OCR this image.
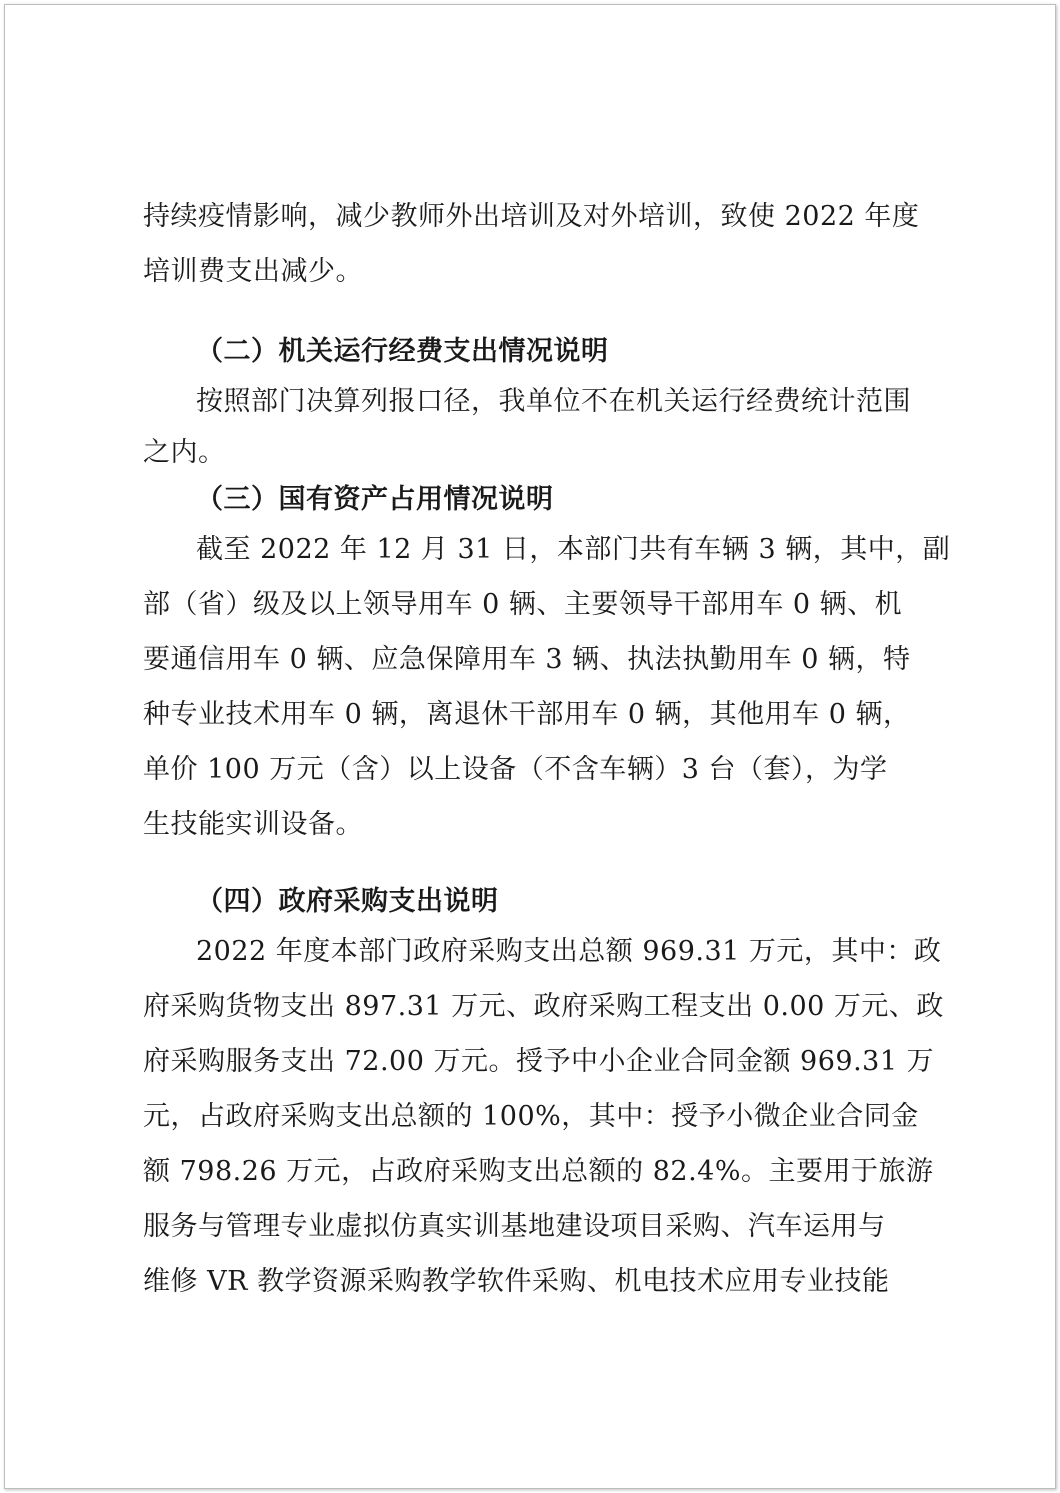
持续疫情影响，减少教师外出培训及对外培训，致使 2022 年度
培训费支出减少。
（二）机关运行经费支出情况说明
按照部门决算列报口径，我单位不在机关运行经费统计范围
之内。
（三）国有资产占用情况说明
截至 2022 年 12 月 31 日，本部门共有车辆 3 辆，其中，副
部（省）级及以上领导用车 0 辆、主要领导干部用车 0 辆、机
要通信用车 0 辆、应急保障用车 3 辆、执法执勤用车 0 辆，特
种专业技术用车 0 辆，离退休干部用车 0 辆，其他用车 0 辆，
单价 100 万元（含）以上设备（不含车辆）3 台（套），为学
生技能实训设备。
（四）政府采购支出说明
2022 年度本部门政府采购支出总额 969.31 万元，其中：政
府采购货物支出 897.31 万元、政府采购工程支出 0.00 万元、政
府采购服务支出 72.00 万元。授予中小企业合同金额 969.31 万
元，占政府采购支出总额的 100%，其中：授予小微企业合同金
额 798.26 万元，占政府采购支出总额的 82.4%。主要用于旅游
服务与管理专业虚拟仿真实训基地建设项目采购、汽车运用与
维修 VR 教学资源采购教学软件采购、机电技术应用专业技能
